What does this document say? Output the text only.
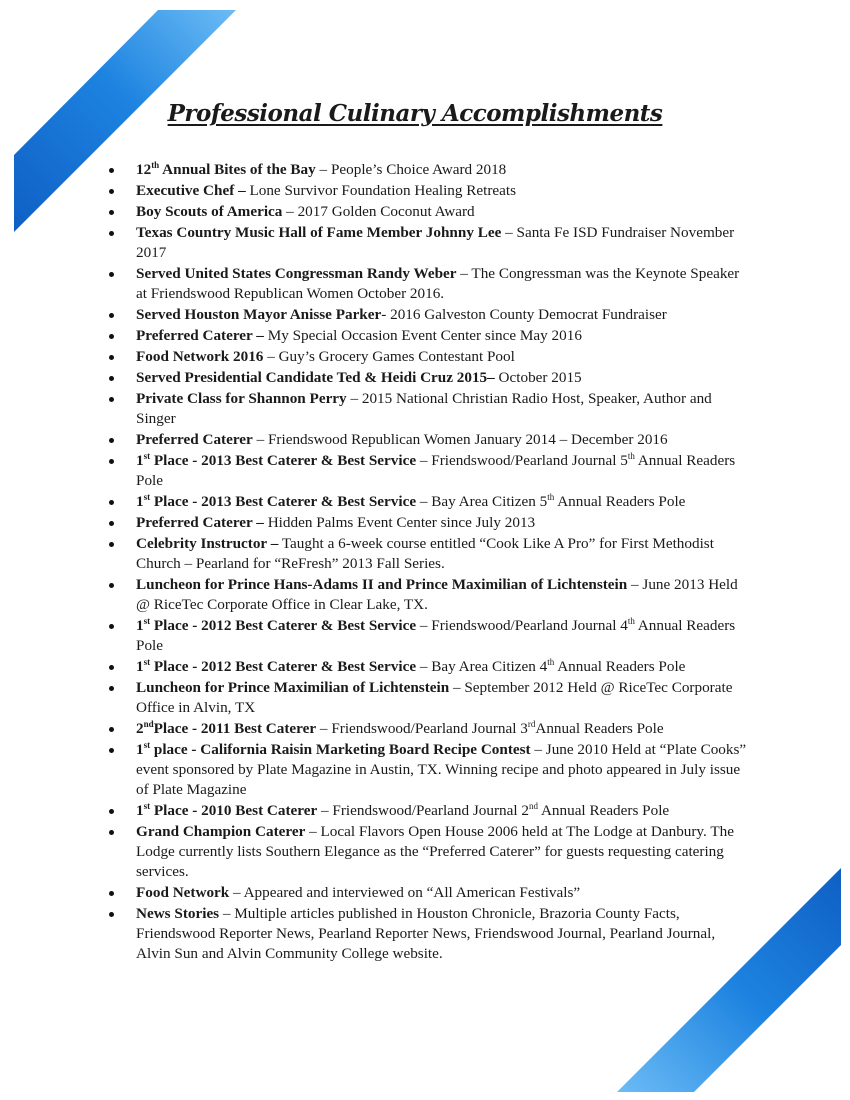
Professional Culinary Accomplishments
12th Annual Bites of the Bay – People’s Choice Award 2018
Executive Chef – Lone Survivor Foundation Healing Retreats
Boy Scouts of America – 2017 Golden Coconut Award
Texas Country Music Hall of Fame Member Johnny Lee – Santa Fe ISD Fundraiser November 2017
Served United States Congressman Randy Weber – The Congressman was the Keynote Speaker at Friendswood Republican Women October 2016.
Served Houston Mayor Anisse Parker- 2016 Galveston County Democrat Fundraiser
Preferred Caterer – My Special Occasion Event Center since May 2016
Food Network 2016 – Guy’s Grocery Games Contestant Pool
Served Presidential Candidate Ted & Heidi Cruz 2015– October 2015
Private Class for Shannon Perry – 2015 National Christian Radio Host, Speaker, Author and Singer
Preferred Caterer – Friendswood Republican Women January 2014 – December 2016
1st Place - 2013 Best Caterer & Best Service – Friendswood/Pearland Journal 5th Annual Readers Pole
1st Place - 2013 Best Caterer & Best Service – Bay Area Citizen 5th Annual Readers Pole
Preferred Caterer – Hidden Palms Event Center since July 2013
Celebrity Instructor – Taught a 6-week course entitled “Cook Like A Pro” for First Methodist Church – Pearland for “ReFresh” 2013 Fall Series.
Luncheon for Prince Hans-Adams II and Prince Maximilian of Lichtenstein – June 2013 Held @ RiceTec Corporate Office in Clear Lake, TX.
1st Place - 2012 Best Caterer & Best Service – Friendswood/Pearland Journal 4th Annual Readers Pole
1st Place - 2012 Best Caterer & Best Service – Bay Area Citizen 4th Annual Readers Pole
Luncheon for Prince Maximilian of Lichtenstein – September 2012 Held @ RiceTec Corporate Office in Alvin, TX
2ndPlace - 2011 Best Caterer – Friendswood/Pearland Journal 3rdAnnual Readers Pole
1st place - California Raisin Marketing Board Recipe Contest – June 2010 Held at “Plate Cooks” event sponsored by Plate Magazine in Austin, TX. Winning recipe and photo appeared in July issue of Plate Magazine
1st Place - 2010 Best Caterer – Friendswood/Pearland Journal 2nd Annual Readers Pole
Grand Champion Caterer – Local Flavors Open House 2006 held at The Lodge at Danbury. The Lodge currently lists Southern Elegance as the “Preferred Caterer” for guests requesting catering services.
Food Network – Appeared and interviewed on “All American Festivals”
News Stories – Multiple articles published in Houston Chronicle, Brazoria County Facts, Friendswood Reporter News, Pearland Reporter News, Friendswood Journal, Pearland Journal, Alvin Sun and Alvin Community College website.
